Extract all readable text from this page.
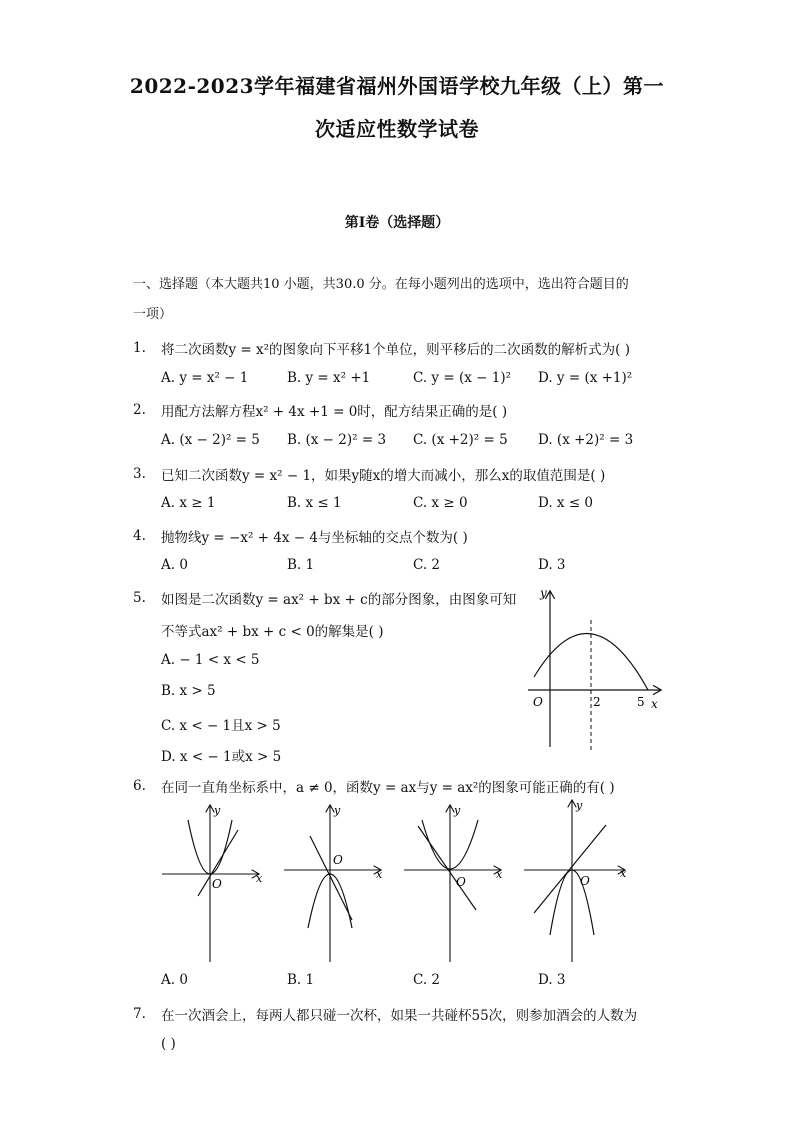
2022-2023学年福建省福州外国语学校九年级（上）第一
次适应性数学试卷
第Ⅰ卷（选择题）
一、选择题（本大题共10 小题，共30.0 分。在每小题列出的选项中，选出符合题目的
一项）
1. 将二次函数y = x²的图象向下平移1个单位，则平移后的二次函数的解析式为( )
A. y = x² − 1	B. y = x² +1	C. y = (x − 1)² D. y = (x +1)²
2. 用配方法解方程x² + 4x +1 = 0时，配方结果正确的是( )
A. (x − 2)² = 5 B. (x − 2)² = 3 C. (x +2)² = 5 D. (x +2)² = 3
3. 已知二次函数y = x² − 1，如果y随x的增大而减小，那么x的取值范围是( )
A. x ≥ 1	B. x ≤ 1	C. x ≥ 0	D. x ≤ 0
4. 抛物线y = −x² + 4x − 4与坐标轴的交点个数为( )
A. 0	B. 1	C. 2	D. 3
5. 如图是二次函数y = ax² + bx + c的部分图象，由图象可知
不等式ax² + bx + c < 0的解集是( )
A. − 1 < x < 5
B. x > 5
C. x < − 1且x > 5
D. x < − 1或x > 5
y
O	2	5 x
6. 在同一直角坐标系中，a ≠ 0，函数y = ax与y = ax²的图象可能正确的有( )
y
O	x
y
O
x
y
O
x
y
O
x
A. 0	B. 1	C. 2	D. 3
7. 在一次酒会上，每两人都只碰一次杯，如果一共碰杯55次，则参加酒会的人数为
( )
